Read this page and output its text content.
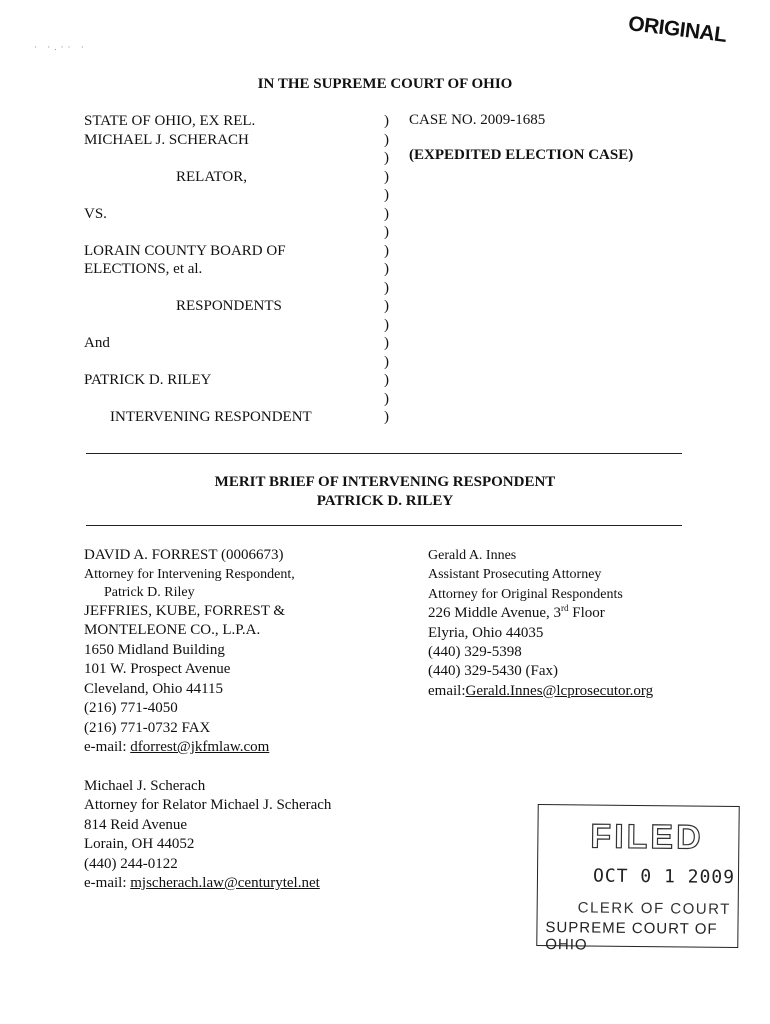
ORIGINAL
· ·.·· ·
IN THE SUPREME COURT OF OHIO
STATE OF OHIO, EX REL.
MICHAEL J. SCHERACH
RELATOR,
VS.
LORAIN COUNTY BOARD OF
ELECTIONS, et al.
RESPONDENTS
And
PATRICK D. RILEY
INTERVENING RESPONDENT
)
)
)
)
)
)
)
)
)
)
)
)
)
)
)
)
)
CASE NO. 2009-1685
(EXPEDITED ELECTION CASE)
MERIT BRIEF OF INTERVENING RESPONDENT
PATRICK D. RILEY
DAVID A. FORREST (0006673)
Attorney for Intervening Respondent,
Patrick D. Riley
JEFFRIES, KUBE, FORREST &
MONTELEONE CO., L.P.A.
1650 Midland Building
101 W. Prospect Avenue
Cleveland, Ohio 44115
(216) 771-4050
(216) 771-0732 FAX
e-mail: dforrest@jkfmlaw.com
Michael J. Scherach
Attorney for Relator Michael J. Scherach
814 Reid Avenue
Lorain, OH 44052
(440) 244-0122
e-mail: mjscherach.law@centurytel.net
Gerald A. Innes
Assistant Prosecuting Attorney
Attorney for Original Respondents
226 Middle Avenue, 3rd Floor
Elyria, Ohio 44035
(440) 329-5398
(440) 329-5430 (Fax)
email:Gerald.Innes@lcprosecutor.org
FILED
OCT 0 1 2009
CLERK OF COURT
SUPREME COURT OF OHIO
